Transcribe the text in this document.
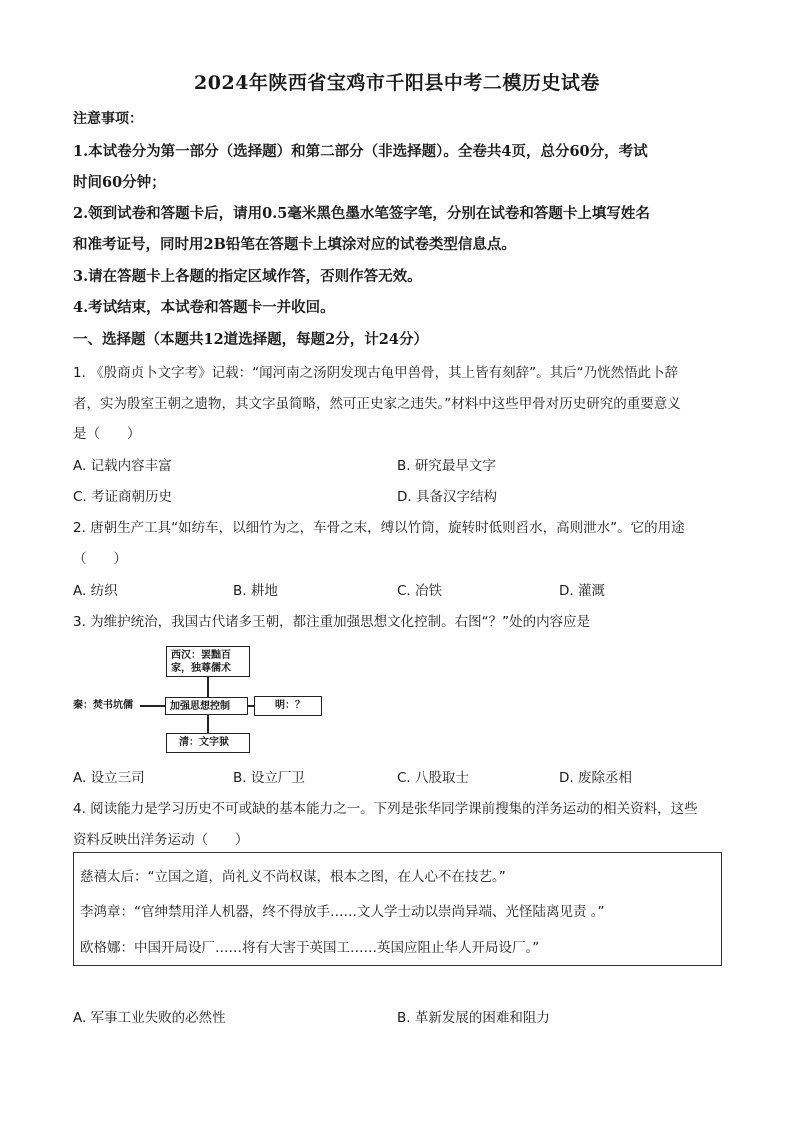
2024年陕西省宝鸡市千阳县中考二模历史试卷
注意事项：
1.本试卷分为第一部分（选择题）和第二部分（非选择题）。全卷共4页，总分60分，考试
时间60分钟；
2.领到试卷和答题卡后，请用0.5毫米黑色墨水笔签字笔，分别在试卷和答题卡上填写姓名
和准考证号，同时用2B铅笔在答题卡上填涂对应的试卷类型信息点。
3.请在答题卡上各题的指定区域作答，否则作答无效。
4.考试结束，本试卷和答题卡一并收回。
一、选择题（本题共12道选择题，每题2分，计24分）
1. 《殷商贞卜文字考》记载：“闻河南之汤阴发现古龟甲兽骨，其上皆有刻辞”。其后“乃恍然悟此卜辞
者，实为殷室王朝之遗物，其文字虽简略，然可正史家之违失。”材料中这些甲骨对历史研究的重要意义
是（　　）
A. 记载内容丰富	B. 研究最早文字
C. 考证商朝历史	D. 具备汉字结构
2. 唐朝生产工具“如纺车，以细竹为之，车骨之末，缚以竹筒，旋转时低则舀水，高则泄水”。它的用途
（　　）
A. 纺织	B. 耕地	C. 冶铁	D. 灌溉
3. 为维护统治，我国古代诸多王朝，都注重加强思想文化控制。右图“？”处的内容应是
西汉：罢黜百
家，独尊儒术
秦：焚书坑儒	加强思想控制	明：？
清：文字狱
A. 设立三司	B. 设立厂卫	C. 八股取士	D. 废除丞相
4. 阅读能力是学习历史不可或缺的基本能力之一。下列是张华同学课前搜集的洋务运动的相关资料，这些
资料反映出洋务运动（　　）
慈禧太后：“立国之道，尚礼义不尚权谋，根本之图，在人心不在技艺。”
李鸿章：“官绅禁用洋人机器，终不得放手……文人学士动以崇尚异端、光怪陆离见责 。”
欧格娜：中国开局设厂……将有大害于英国工……英国应阻止华人开局设厂。”
A. 军事工业失败的必然性	B. 革新发展的困难和阻力
